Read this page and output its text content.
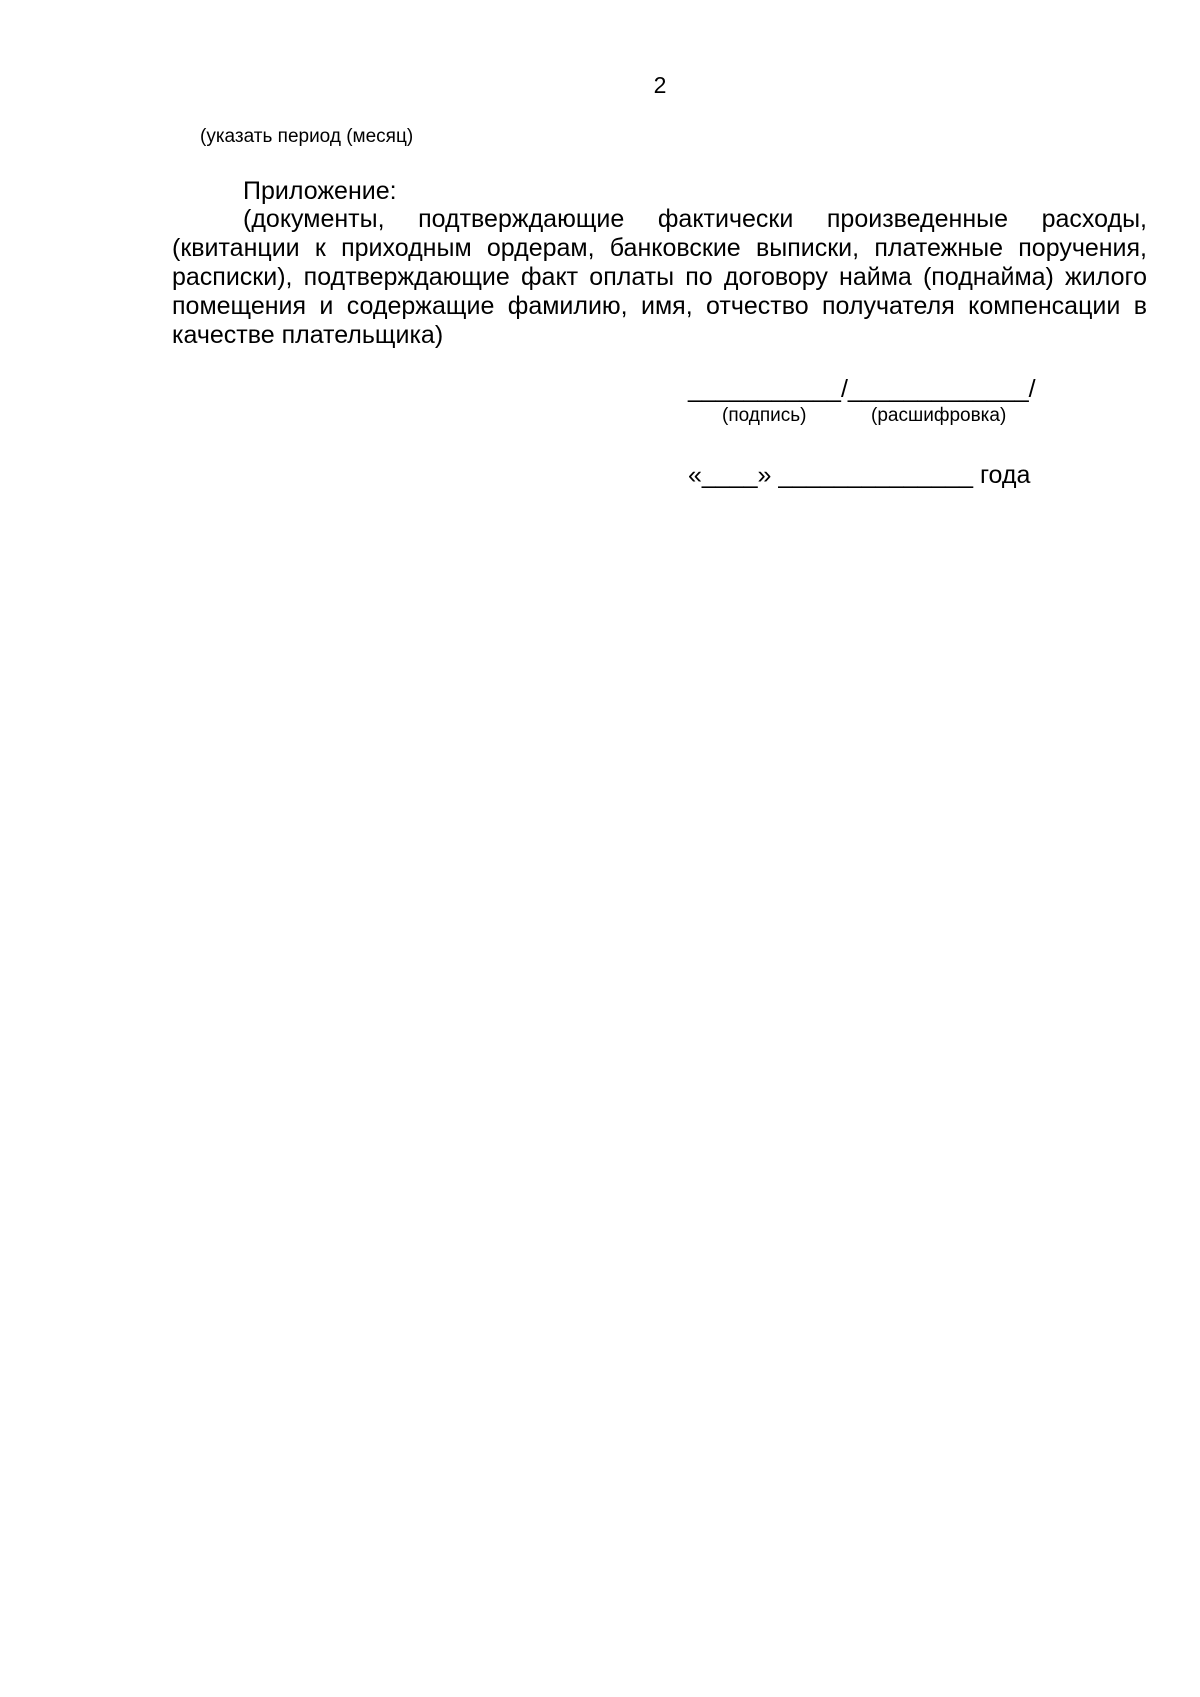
2
(указать период (месяц)
Приложение:

(документы, подтверждающие фактически произведенные расходы, (квитанции к приходным ордерам, банковские выписки, платежные поручения, расписки), подтверждающие факт оплаты по договору найма (поднайма) жилого помещения и содержащие фамилию, имя, отчество получателя компенсации в качестве плательщика)

___________/_____________/
(подпись)	(расшифровка)
«____» ______________ года
